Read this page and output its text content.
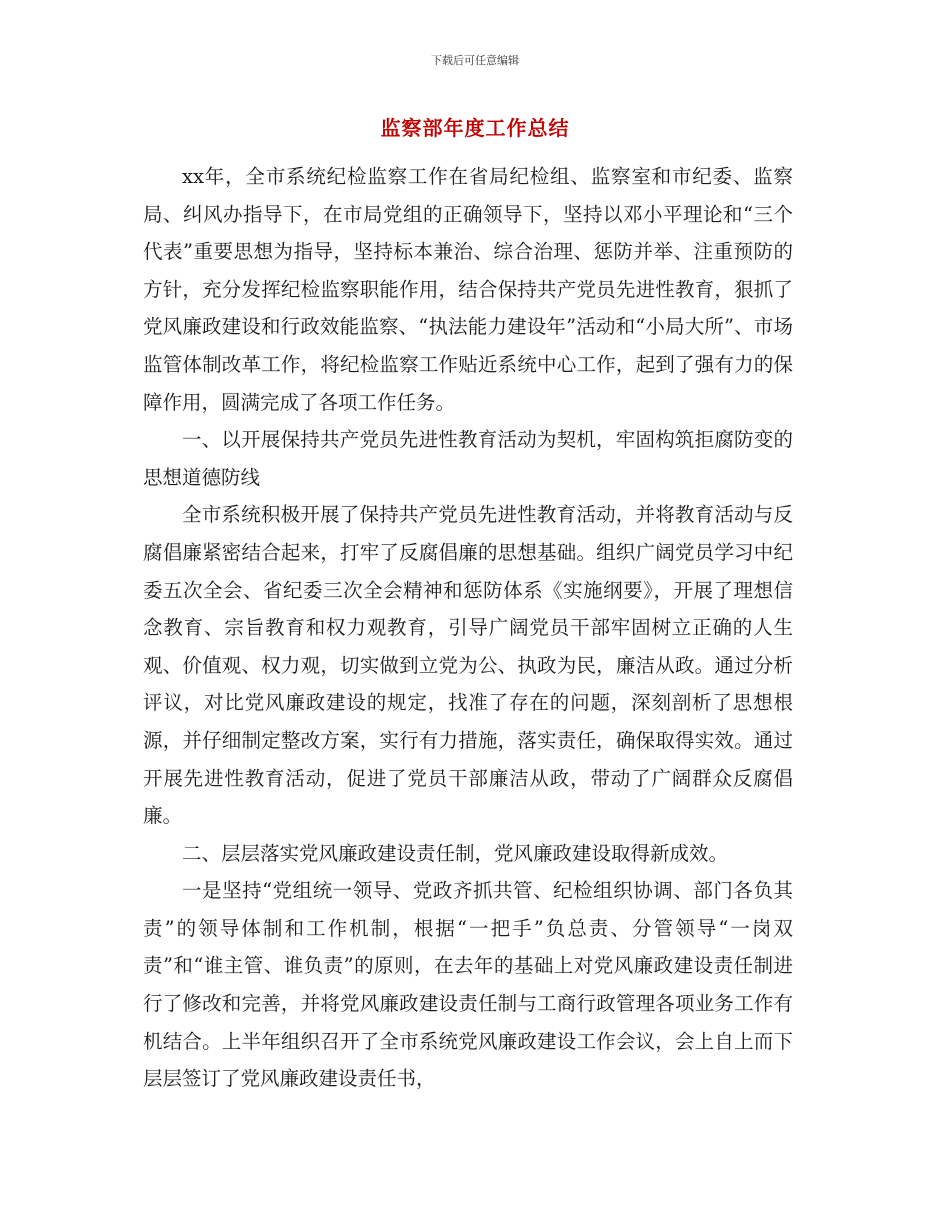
下载后可任意编辑
监察部年度工作总结

xx年，全市系统纪检监察工作在省局纪检组、监察室和市纪委、监察局、纠风办指导下，在市局党组的正确领导下，坚持以邓小平理论和“三个代表”重要思想为指导，坚持标本兼治、综合治理、惩防并举、注重预防的方针，充分发挥纪检监察职能作用，结合保持共产党员先进性教育，狠抓了党风廉政建设和行政效能监察、“执法能力建设年”活动和“小局大所”、市场监管体制改革工作，将纪检监察工作贴近系统中心工作，起到了强有力的保障作用，圆满完成了各项工作任务。

一、以开展保持共产党员先进性教育活动为契机，牢固构筑拒腐防变的思想道德防线

全市系统积极开展了保持共产党员先进性教育活动，并将教育活动与反腐倡廉紧密结合起来，打牢了反腐倡廉的思想基础。组织广阔党员学习中纪委五次全会、省纪委三次全会精神和惩防体系《实施纲要》，开展了理想信念教育、宗旨教育和权力观教育，引导广阔党员干部牢固树立正确的人生观、价值观、权力观，切实做到立党为公、执政为民，廉洁从政。通过分析评议，对比党风廉政建设的规定，找准了存在的问题，深刻剖析了思想根源，并仔细制定整改方案，实行有力措施，落实责任，确保取得实效。通过开展先进性教育活动，促进了党员干部廉洁从政，带动了广阔群众反腐倡廉。

二、层层落实党风廉政建设责任制，党风廉政建设取得新成效。

一是坚持“党组统一领导、党政齐抓共管、纪检组织协调、部门各负其责”的领导体制和工作机制，根据“一把手”负总责、分管领导“一岗双责”和“谁主管、谁负责”的原则，在去年的基础上对党风廉政建设责任制进行了修改和完善，并将党风廉政建设责任制与工商行政管理各项业务工作有机结合。上半年组织召开了全市系统党风廉政建设工作会议，会上自上而下层层签订了党风廉政建设责任书，
